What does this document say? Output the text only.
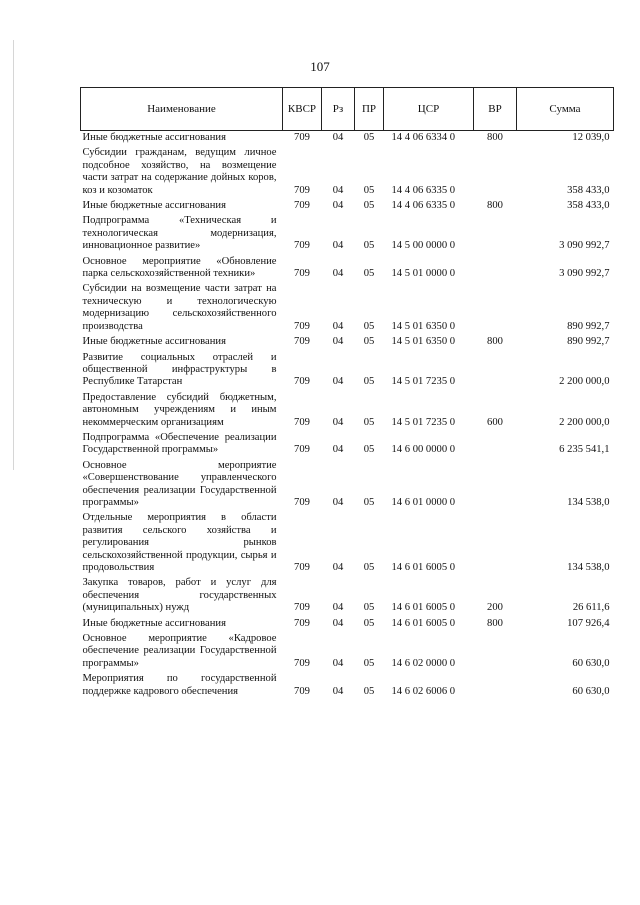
107
Наименование	КВСР	Рз	ПР	ЦСР	ВР	Сумма
Иные бюджетные ассигнования	709	04	05	14 4 06 6334 0	800	12 039,0
Субсидии гражданам, ведущим личное подсобное хозяйство, на возмещение части затрат на содержание дойных коров, коз и козоматок	709	04	05	14 4 06 6335 0		358 433,0
Иные бюджетные ассигнования	709	04	05	14 4 06 6335 0	800	358 433,0
Подпрограмма «Техническая и технологическая модернизация, инновационное развитие»	709	04	05	14 5 00 0000 0		3 090 992,7
Основное мероприятие «Обновление парка сельскохозяйственной техники»	709	04	05	14 5 01 0000 0		3 090 992,7
Субсидии на возмещение части затрат на техническую и технологическую модернизацию сельскохозяйственного производства	709	04	05	14 5 01 6350 0		890 992,7
Иные бюджетные ассигнования	709	04	05	14 5 01 6350 0	800	890 992,7
Развитие социальных отраслей и общественной инфраструктуры в Республике Татарстан	709	04	05	14 5 01 7235 0		2 200 000,0
Предоставление субсидий бюджетным, автономным учреждениям и иным некоммерческим организациям	709	04	05	14 5 01 7235 0	600	2 200 000,0
Подпрограмма «Обеспечение реализации Государственной программы»	709	04	05	14 6 00 0000 0		6 235 541,1
Основное мероприятие «Совершенствование управленческого обеспечения реализации Государственной программы»	709	04	05	14 6 01 0000 0		134 538,0
Отдельные мероприятия в области развития сельского хозяйства и регулирования рынков сельскохозяйственной продукции, сырья и продовольствия	709	04	05	14 6 01 6005 0		134 538,0
Закупка товаров, работ и услуг для обеспечения государственных (муниципальных) нужд	709	04	05	14 6 01 6005 0	200	26 611,6
Иные бюджетные ассигнования	709	04	05	14 6 01 6005 0	800	107 926,4
Основное мероприятие «Кадровое обеспечение реализации Государственной программы»	709	04	05	14 6 02 0000 0		60 630,0
Мероприятия по государственной поддержке кадрового обеспечения	709	04	05	14 6 02 6006 0		60 630,0
